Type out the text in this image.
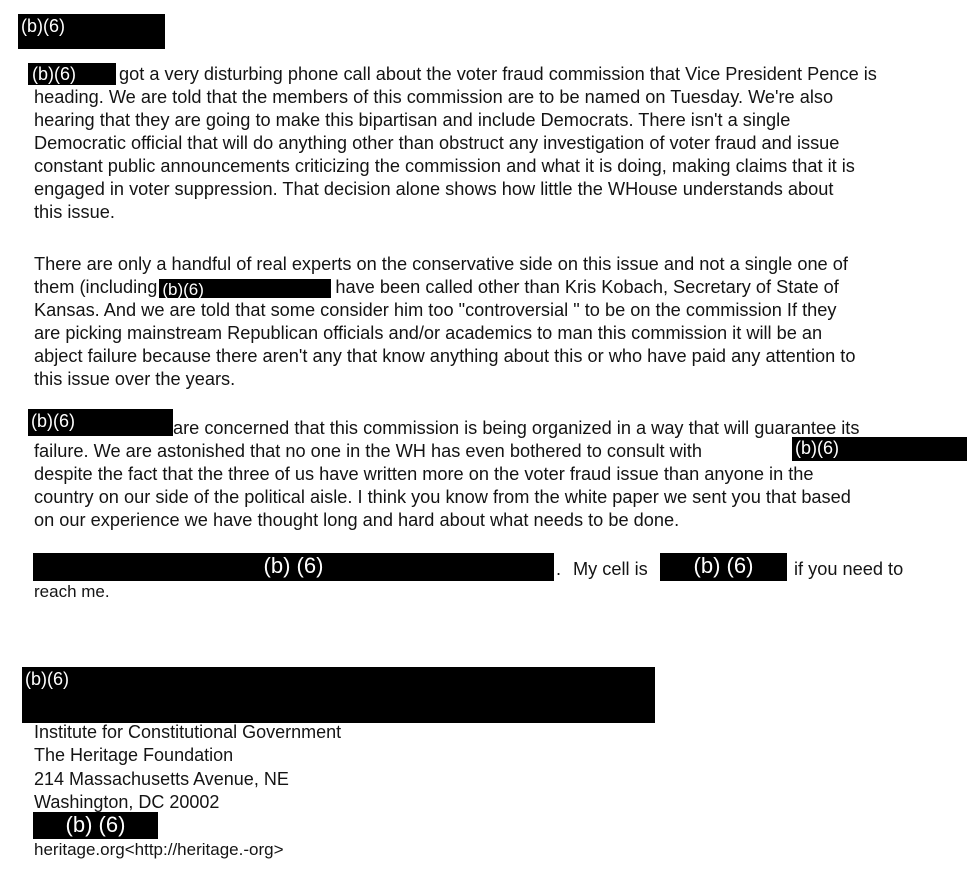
(b)(6)
(b)(6)	got a very disturbing phone call about the voter fraud commission that Vice President Pence is
heading. We are told that the members of this commission are to be named on Tuesday. We're also
hearing that they are going to make this bipartisan and include Democrats. There isn't a single
Democratic official that will do anything other than obstruct any investigation of voter fraud and issue
constant public announcements criticizing the commission and what it is doing, making claims that it is
engaged in voter suppression. That decision alone shows how little the WHouse understands about
this issue.
There are only a handful of real experts on the conservative side on this issue and not a single one of
them (including (b)(6)	have been called other than Kris Kobach, Secretary of State of
Kansas. And we are told that some consider him too "controversial " to be on the commission If they
are picking mainstream Republican officials and/or academics to man this commission it will be an
abject failure because there aren't any that know anything about this or who have paid any attention to
this issue over the years.
(b)(6)
(b)(6)
are concerned that this commission is being organized in a way that will guarantee its
failure. We are astonished that no one in the WH has even bothered to consult with
despite the fact that the three of us have written more on the voter fraud issue than anyone in the
country on our side of the political aisle. I think you know from the white paper we sent you that based
on our experience we have thought long and hard about what needs to be done.
(b) (6)	. My cell is	(b) (6)	if you need to
reach me.
(b)(6)
Institute for Constitutional Government
The Heritage Foundation
214 Massachusetts Avenue, NE
Washington, DC 20002
(b) (6)
heritage.org<http://heritage.-org>
